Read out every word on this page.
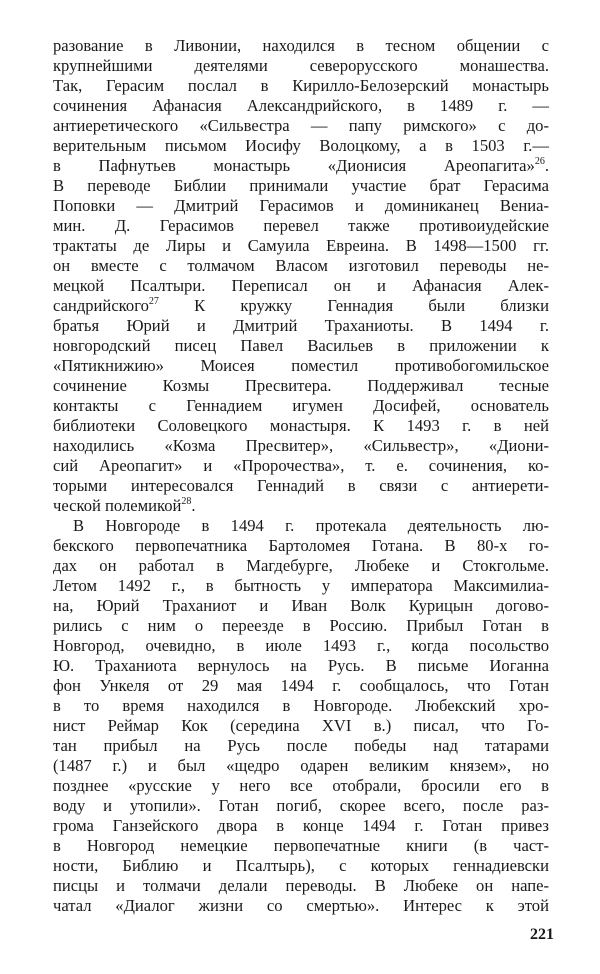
разование в Ливонии, находился в тесном общении с
крупнейшими деятелями северорусского монашества.
Так, Герасим послал в Кирилло-Белозерский монастырь
сочинения Афанасия Александрийского, в 1489 г. —
антиеретического «Сильвестра — папу римского» с до-
верительным письмом Иосифу Волоцкому, а в 1503 г.—
в Пафнутьев монастырь «Дионисия Ареопагита»$^{26}$.
В переводе Библии принимали участие брат Герасима
Поповки — Дмитрий Герасимов и доминиканец Вениа-
мин. Д. Герасимов перевел также противоиудейские
трактаты де Лиры и Самуила Евреина. В 1498—1500 гг.
он вместе с толмачом Власом изготовил переводы не-
мецкой Псалтыри. Переписал он и Афанасия Алек-
сандрийского$^{27}$ К кружку Геннадия были близки
братья Юрий и Дмитрий Траханиоты. В 1494 г.
новгородский писец Павел Васильев в приложении к
«Пятикнижию» Моисея поместил противобогомильское
сочинение Козмы Пресвитера. Поддерживал тесные
контакты с Геннадием игумен Досифей, основатель
библиотеки Соловецкого монастыря. К 1493 г. в ней
находились «Козма Пресвитер», «Сильвестр», «Диони-
сий Ареопагит» и «Пророчества», т. е. сочинения, ко-
торыми интересовался Геннадий в связи с антиерети-
ческой полемикой$^{28}$.
В Новгороде в 1494 г. протекала деятельность лю-
бекского первопечатника Бартоломея Готана. В 80-х го-
дах он работал в Магдебурге, Любеке и Стокгольме.
Летом 1492 г., в бытность у императора Максимилиа-
на, Юрий Траханиот и Иван Волк Курицын догово-
рились с ним о переезде в Россию. Прибыл Готан в
Новгород, очевидно, в июле 1493 г., когда посольство
Ю. Траханиота вернулось на Русь. В письме Иоганна
фон Ункеля от 29 мая 1494 г. сообщалось, что Готан
в то время находился в Новгороде. Любекский хро-
нист Реймар Кок (середина XVI в.) писал, что Го-
тан прибыл на Русь после победы над татарами
(1487 г.) и был «щедро одарен великим князем», но
позднее «русские у него все отобрали, бросили его в
воду и утопили». Готан погиб, скорее всего, после раз-
грома Ганзейского двора в конце 1494 г. Готан привез
в Новгород немецкие первопечатные книги (в част-
ности, Библию и Псалтырь), с которых геннадиевски
писцы и толмачи делали переводы. В Любеке он напе-
чатал «Диалог жизни со смертью». Интерес к этой
221
